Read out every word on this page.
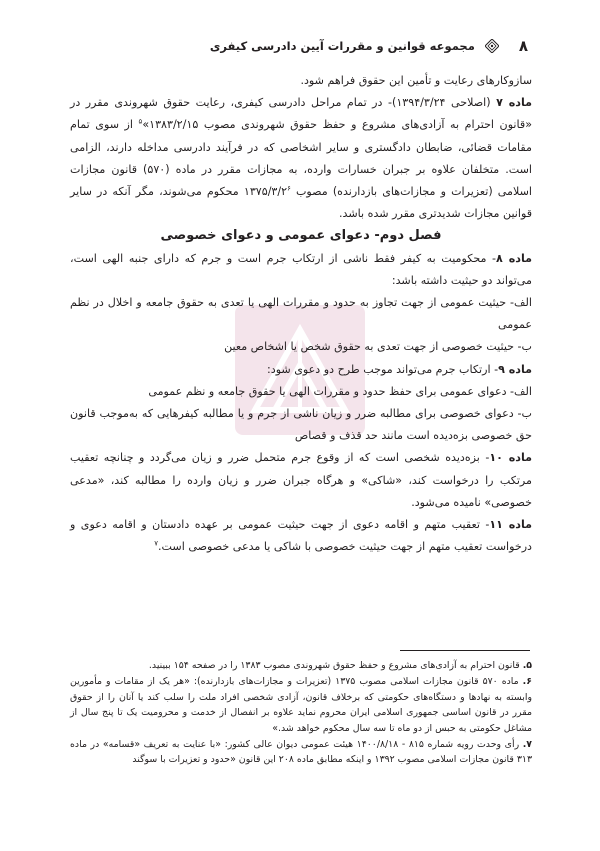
۸
مجموعه قوانین و مقررات آیین دادرسی کیفری

سازوکارهای رعایت و تأمین این حقوق فراهم شود.

ماده ۷ (اصلاحی ۱۳۹۴/۳/۲۴)- در تمام مراحل دادرسی کیفری، رعایت حقوق شهروندی مقرر در «قانون احترام به آزادی‌های مشروع و حفظ حقوق شهروندی مصوب ۱۳۸۳/۲/۱۵»$^۵$ از سوی تمام مقامات قضائی، ضابطان دادگستری و سایر اشخاصی که در فرآیند دادرسی مداخله دارند، الزامی است. متخلفان علاوه بر جبران خسارات وارده، به مجازات مقرر در ماده (۵۷۰) قانون مجازات اسلامی (تعزیرات و مجازات‌های بازدارنده) مصوب $۱۳۷۵/۳/۲^۶$ محکوم می‌شوند، مگر آنکه در سایر قوانین مجازات شدیدتری مقرر شده باشد.

فصل دوم- دعوای عمومی و دعوای خصوصی

ماده ۸- محکومیت به کیفر فقط ناشی از ارتکاب جرم است و جرم که دارای جنبه الهی است، می‌تواند دو حیثیت داشته باشد:

الف- حیثیت عمومی از جهت تجاوز به حدود و مقررات الهی یا تعدی به حقوق جامعه و اخلال در نظم عمومی

ب- حیثیت خصوصی از جهت تعدی به حقوق شخص یا اشخاص معین

ماده ۹- ارتکاب جرم می‌تواند موجب طرح دو دعوی شود:

الف- دعوای عمومی برای حفظ حدود و مقررات الهی یا حقوق جامعه و نظم عمومی

ب- دعوای خصوصی برای مطالبه ضرر و زیان ناشی از جرم و یا مطالبه کیفرهایی که به‌موجب قانون حق خصوصی بزه‌دیده است مانند حد قذف و قصاص

ماده ۱۰- بزه‌دیده شخصی است که از وقوع جرم متحمل ضرر و زیان می‌گردد و چنانچه تعقیب مرتکب را درخواست کند، «شاکی» و هرگاه جبران ضرر و زیان وارده را مطالبه کند، «مدعی خصوصی» نامیده می‌شود.

ماده ۱۱- تعقیب متهم و اقامه دعوی از جهت حیثیت عمومی بر عهده دادستان و اقامه دعوی و درخواست تعقیب متهم از جهت حیثیت خصوصی با شاکی یا مدعی خصوصی است.$^۷$

۵. قانون احترام به آزادی‌های مشروع و حفظ حقوق شهروندی مصوب ۱۳۸۳ را در صفحه ۱۵۴ ببینید.

۶. ماده ۵۷۰ قانون مجازات اسلامی مصوب ۱۳۷۵ (تعزیرات و مجازات‌های بازدارنده): «هر یک از مقامات و مأمورین وابسته به نهادها و دستگاه‌های حکومتی که برخلاف قانون، آزادی شخصی افراد ملت را سلب کند یا آنان را از حقوق مقرر در قانون اساسی جمهوری اسلامی ایران محروم نماید علاوه بر انفصال از خدمت و محرومیت یک تا پنج سال از مشاغل حکومتی به حبس از دو ماه تا سه سال محکوم خواهد شد.»

۷. رأی وحدت رویه شماره ۸۱۵ - ۱۴۰۰/۸/۱۸ هیئت عمومی دیوان عالی کشور: «با عنایت به تعریف «قسامه» در ماده ۳۱۳ قانون مجازات اسلامی مصوب ۱۳۹۲ و اینکه مطابق ماده ۲۰۸ این قانون «حدود و تعزیرات با سوگند
